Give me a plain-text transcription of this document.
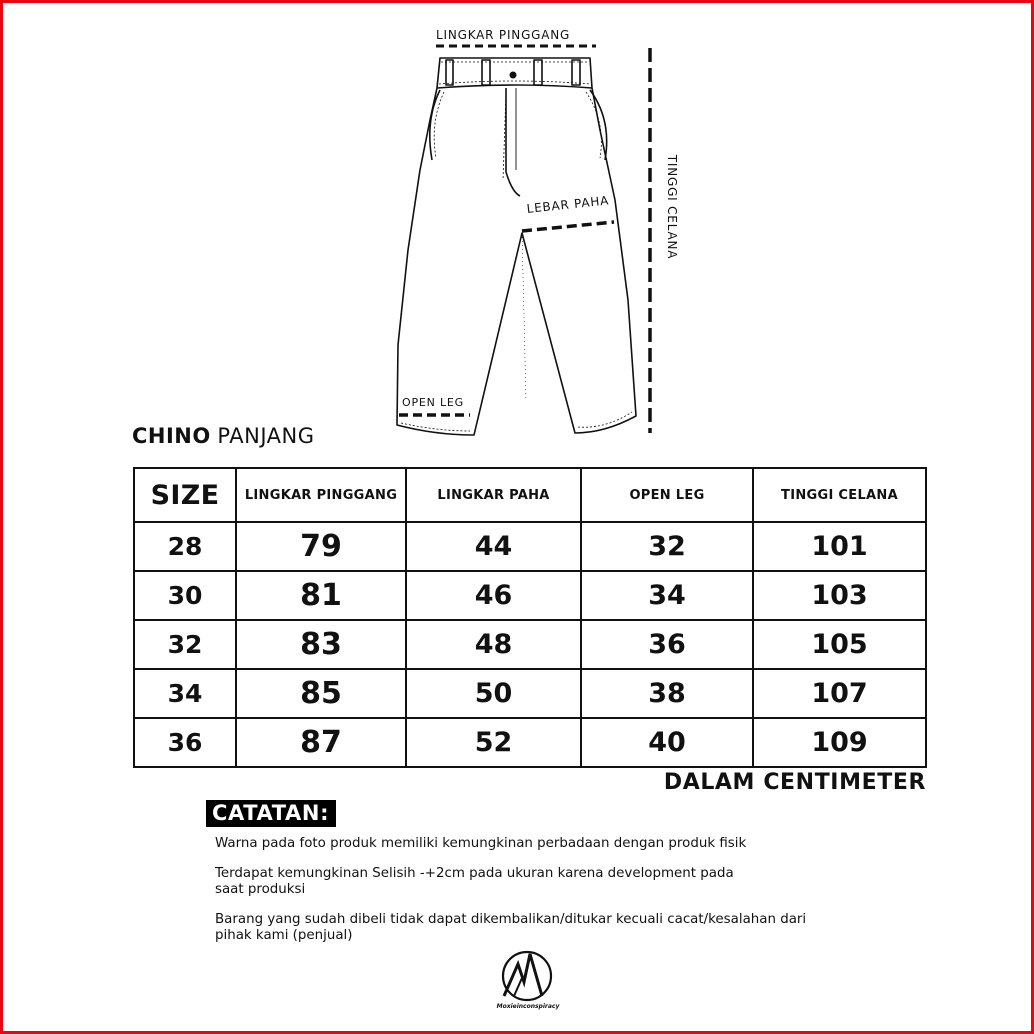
LINGKAR PINGGANG
TINGGI CELANA
LEBAR PAHA
OPEN LEG
CHINO PANJANG
SIZE	LINGKAR PINGGANG	LINGKAR PAHA	OPEN LEG	TINGGI CELANA
28	79	44	32	101
30	81	46	34	103
32	83	48	36	105
34	85	50	38	107
36	87	52	40	109
DALAM CENTIMETER
CATATAN:

Warna pada foto produk memiliki kemungkinan perbadaan dengan produk fisik

Terdapat kemungkinan Selisih -+2cm pada ukuran karena development pada saat produksi

Barang yang sudah dibeli tidak dapat dikembalikan/ditukar kecuali cacat/kesalahan dari pihak kami (penjual)

Moxieinconspiracy
